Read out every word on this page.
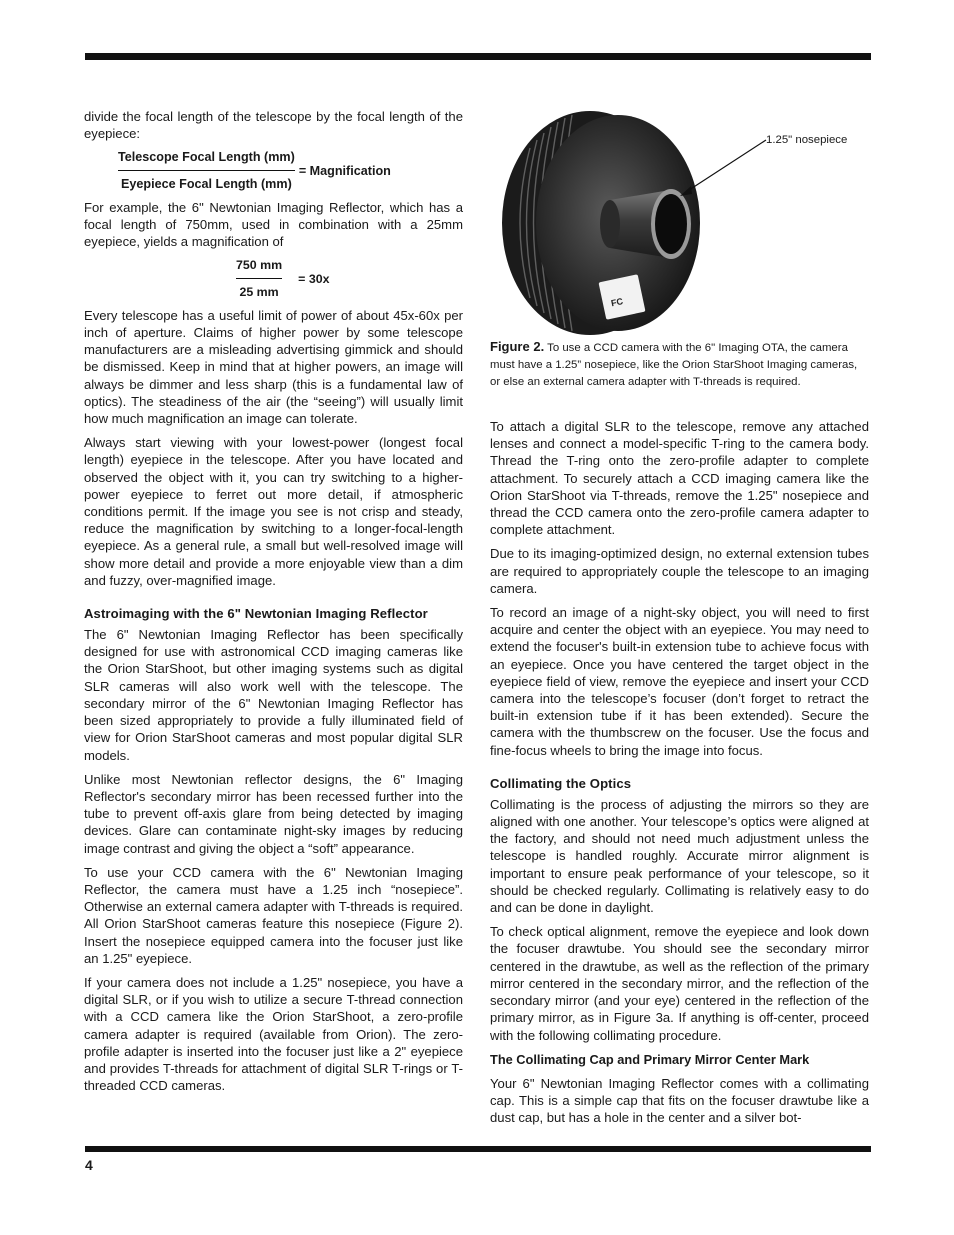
divide the focal length of the telescope by the focal length of the eyepiece:

$\frac{\text{Telescope Focal Length (mm)}}{\text{Eyepiece Focal Length (mm)}}$ = Magnification

For example, the 6" Newtonian Imaging Reflector, which has a focal length of 750mm, used in combination with a 25mm eyepiece, yields a magnification of

$\frac{750 mm}{25 mm} = 30x$

Every telescope has a useful limit of power of about 45x-60x per inch of aperture. Claims of higher power by some telescope manufacturers are a misleading advertising gimmick and should be dismissed. Keep in mind that at higher powers, an image will always be dimmer and less sharp (this is a fundamental law of optics). The steadiness of the air (the “seeing”) will usually limit how much magnification an image can tolerate.

Always start viewing with your lowest-power (longest focal length) eyepiece in the telescope. After you have located and observed the object with it, you can try switching to a higher-power eyepiece to ferret out more detail, if atmospheric conditions permit. If the image you see is not crisp and steady, reduce the magnification by switching to a longer-focal-length eyepiece. As a general rule, a small but well-resolved image will show more detail and provide a more enjoyable view than a dim and fuzzy, over-magnified image.

Astroimaging with the 6" Newtonian Imaging Reflector

The 6" Newtonian Imaging Reflector has been specifically designed for use with astronomical CCD imaging cameras like the Orion StarShoot, but other imaging systems such as digital SLR cameras will also work well with the telescope. The secondary mirror of the 6" Newtonian Imaging Reflector has been sized appropriately to provide a fully illuminated field of view for Orion StarShoot cameras and most popular digital SLR models.

Unlike most Newtonian reflector designs, the 6" Imaging Reflector's secondary mirror has been recessed further into the tube to prevent off-axis glare from being detected by imaging devices. Glare can contaminate night-sky images by reducing image contrast and giving the object a “soft” appearance.

To use your CCD camera with the 6" Newtonian Imaging Reflector, the camera must have a 1.25 inch “nosepiece”. Otherwise an external camera adapter with T-threads is required. All Orion StarShoot cameras feature this nosepiece (Figure 2). Insert the nosepiece equipped camera into the focuser just like an 1.25" eyepiece.

If your camera does not include a 1.25" nosepiece, you have a digital SLR, or if you wish to utilize a secure T-thread connection with a CCD camera like the Orion StarShoot, a zero-profile camera adapter is required (available from Orion). The zero-profile adapter is inserted into the focuser just like a 2" eyepiece and provides T-threads for attachment of digital SLR T-rings or T-threaded CCD cameras.

FC
1.25" nosepiece
Figure 2. To use a CCD camera with the 6" Imaging OTA, the camera must have a 1.25” nosepiece, like the Orion StarShoot Imaging cameras, or else an external camera adapter with T-threads is required.

To attach a digital SLR to the telescope, remove any attached lenses and connect a model-specific T-ring to the camera body. Thread the T-ring onto the zero-profile adapter to complete attachment. To securely attach a CCD imaging camera like the Orion StarShoot via T-threads, remove the 1.25" nosepiece and thread the CCD camera onto the zero-profile camera adapter to complete attachment.

Due to its imaging-optimized design, no external extension tubes are required to appropriately couple the telescope to an imaging camera.

To record an image of a night-sky object, you will need to first acquire and center the object with an eyepiece. You may need to extend the focuser's built-in extension tube to achieve focus with an eyepiece. Once you have centered the target object in the eyepiece field of view, remove the eyepiece and insert your CCD camera into the telescope’s focuser (don’t forget to retract the built-in extension tube if it has been extended). Secure the camera with the thumbscrew on the focuser. Use the focus and fine-focus wheels to bring the image into focus.

Collimating the Optics

Collimating is the process of adjusting the mirrors so they are aligned with one another. Your telescope’s optics were aligned at the factory, and should not need much adjustment unless the telescope is handled roughly. Accurate mirror alignment is important to ensure peak performance of your telescope, so it should be checked regularly. Collimating is relatively easy to do and can be done in daylight.

To check optical alignment, remove the eyepiece and look down the focuser drawtube. You should see the secondary mirror centered in the drawtube, as well as the reflection of the primary mirror centered in the secondary mirror, and the reflection of the secondary mirror (and your eye) centered in the reflection of the primary mirror, as in Figure 3a. If anything is off-center, proceed with the following collimating procedure.

The Collimating Cap and Primary Mirror Center Mark

Your 6" Newtonian Imaging Reflector comes with a collimating cap. This is a simple cap that fits on the focuser drawtube like a dust cap, but has a hole in the center and a silver bot-

4
